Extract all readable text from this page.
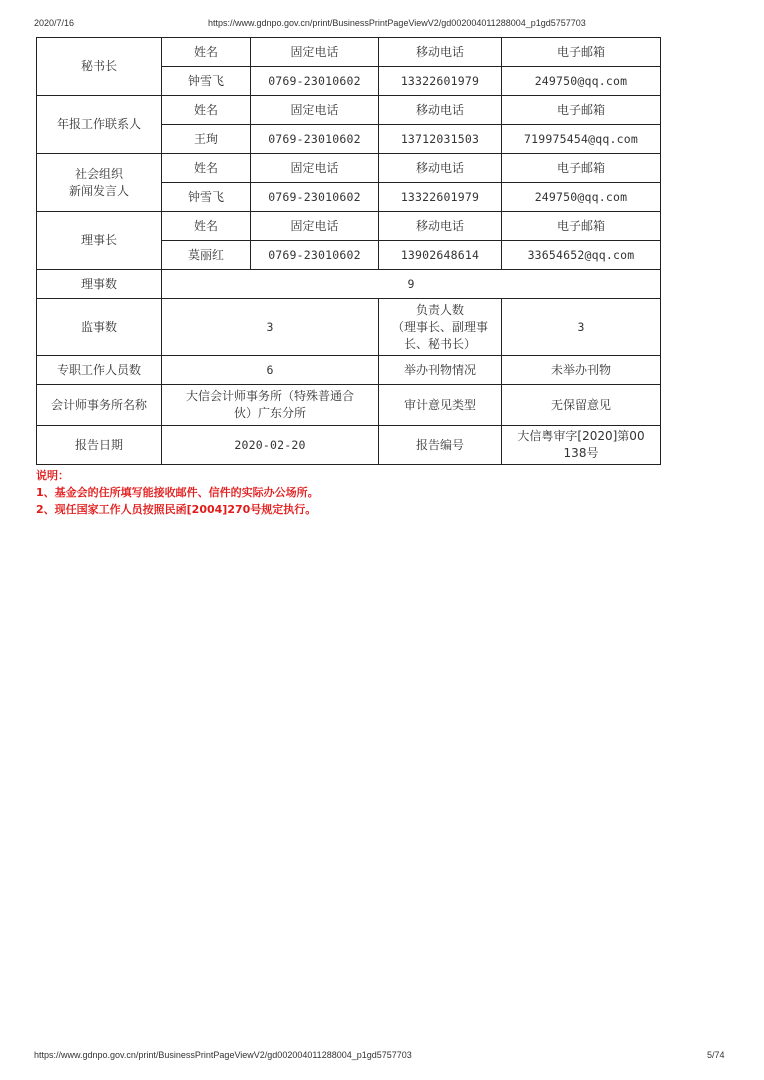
2020/7/16	https://www.gdnpo.gov.cn/print/BusinessPrintPageViewV2/gd002004011288004_p1gd5757703
秘书长	姓名	固定电话	移动电话	电子邮箱
	钟雪飞	0769-23010602	13322601979	249750@qq.com
年报工作联系人	姓名	固定电话	移动电话	电子邮箱
	王珣	0769-23010602	13712031503	719975454@qq.com
社会组织
新闻发言人	姓名	固定电话	移动电话	电子邮箱
	钟雪飞	0769-23010602	13322601979	249750@qq.com
理事长	姓名	固定电话	移动电话	电子邮箱
	莫丽红	0769-23010602	13902648614	33654652@qq.com
理事数	9			
监事数	3		负责人数
（理事长、副理事
长、秘书长）	3
专职工作人员数	6		举办刊物情况	未举办刊物
会计师事务所名称	大信会计师事务所（特殊普通合
伙）广东分所		审计意见类型	无保留意见
报告日期	2020-02-20		报告编号	大信粤审字[2020]第00
138号
说明：
1、基金会的住所填写能接收邮件、信件的实际办公场所。
2、现任国家工作人员按照民函[2004]270号规定执行。
https://www.gdnpo.gov.cn/print/BusinessPrintPageViewV2/gd002004011288004_p1gd5757703	5/74
